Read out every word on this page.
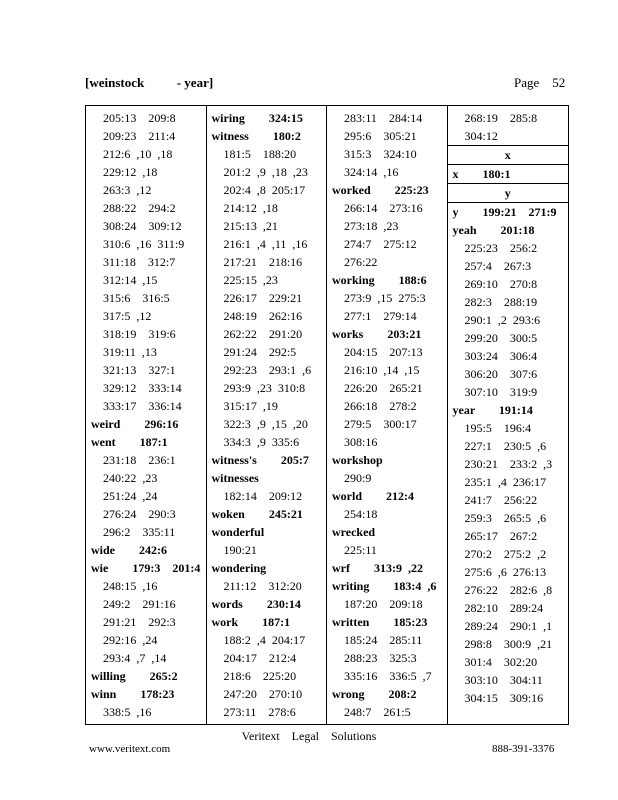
[weinstock          - year]	Page    52
205:13    209:8
209:23    211:4
212:6  ,10  ,18
229:12  ,18
263:3  ,12
288:22    294:2
308:24    309:12
310:6  ,16  311:9
311:18    312:7
312:14  ,15
315:6    316:5
317:5  ,12
318:19    319:6
319:11  ,13
321:13    327:1
329:12    333:14
333:17    336:14
weird        296:16
went        187:1
231:18    236:1
240:22  ,23
251:24  ,24
276:24    290:3
296:2    335:11
wide        242:6
wie        179:3    201:4
248:15  ,16
249:2    291:16
291:21    292:3
292:16  ,24
293:4  ,7  ,14
willing        265:2
winn        178:23
338:5  ,16
wiring        324:15
witness        180:2
181:5    188:20
201:2  ,9  ,18  ,23
202:4  ,8  205:17
214:12  ,18
215:13  ,21
216:1  ,4  ,11  ,16
217:21    218:16
225:15  ,23
226:17    229:21
248:19    262:16
262:22    291:20
291:24    292:5
292:23    293:1  ,6
293:9  ,23  310:8
315:17  ,19
322:3  ,9  ,15  ,20
334:3  ,9  335:6
witness's        205:7
witnesses
182:14    209:12
woken        245:21
wonderful
190:21
wondering
211:12    312:20
words        230:14
work        187:1
188:2  ,4  204:17
204:17    212:4
218:6    225:20
247:20    270:10
273:11    278:6
283:11    284:14
295:6    305:21
315:3    324:10
324:14  ,16
worked        225:23
266:14    273:16
273:18  ,23
274:7    275:12
276:22
working        188:6
273:9  ,15  275:3
277:1    279:14
works        203:21
204:15    207:13
216:10  ,14  ,15
226:20    265:21
266:18    278:2
279:5    300:17
308:16
workshop
290:9
world        212:4
254:18
wrecked
225:11
wrf        313:9  ,22
writing        183:4  ,6
187:20    209:18
written        185:23
185:24    285:11
288:23    325:3
335:16    336:5  ,7
wrong        208:2
248:7    261:5
268:19    285:8
304:12
x
x        180:1
y
y        199:21    271:9
yeah        201:18
225:23    256:2
257:4    267:3
269:10    270:8
282:3    288:19
290:1  ,2  293:6
299:20    300:5
303:24    306:4
306:20    307:6
307:10    319:9
year        191:14
195:5    196:4
227:1    230:5  ,6
230:21    233:2  ,3
235:1  ,4  236:17
241:7    256:22
259:3    265:5  ,6
265:17    267:2
270:2    275:2  ,2
275:6  ,6  276:13
276:22    282:6  ,8
282:10    289:24
289:24    290:1  ,1
298:8    300:9  ,21
301:4    302:20
303:10    304:11
304:15    309:16
Veritext    Legal    Solutions
www.veritext.com	888-391-3376
